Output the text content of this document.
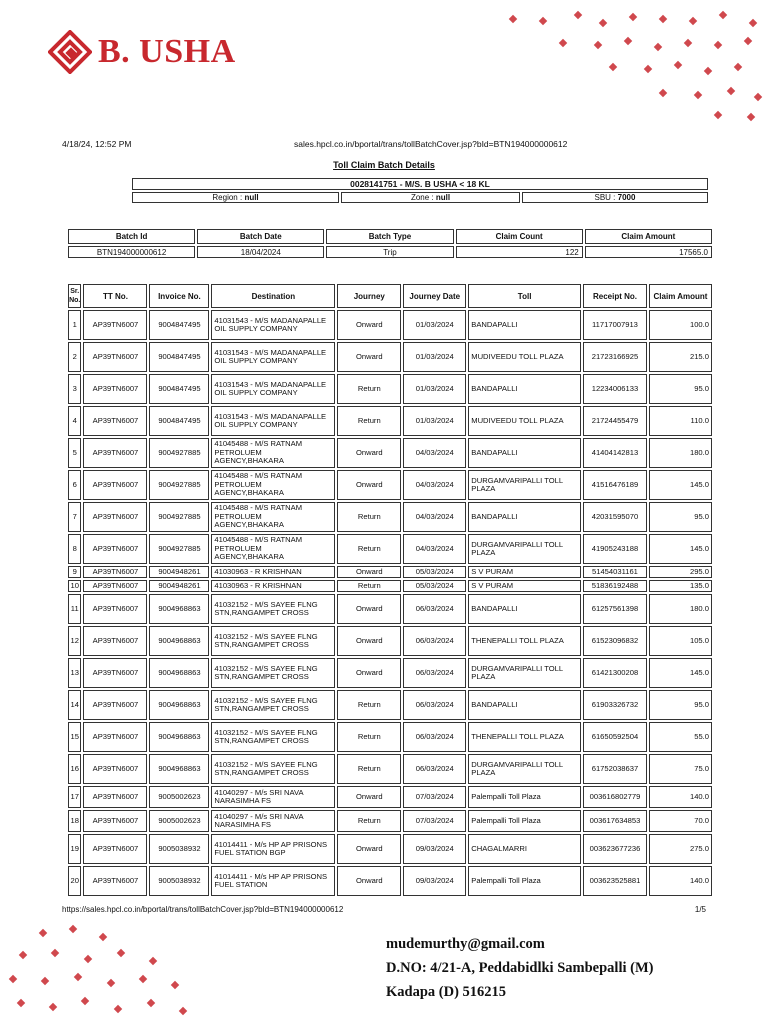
B. USHA
4/18/24, 12:52 PM	sales.hpcl.co.in/bportal/trans/tollBatchCover.jsp?bId=BTN194000000612
Toll Claim Batch Details
0028141751 - M/S. B USHA < 18 KL
Region : null	Zone : null	SBU : 7000
Batch Id	Batch Date	Batch Type	Claim Count	Claim Amount
BTN194000000612	18/04/2024	Trip	122	17565.0
Sr. No.	TT No.	Invoice No.	Destination	Journey	Journey Date	Toll	Receipt No.	Claim Amount
1	AP39TN6007	9004847495	41031543 - M/S MADANAPALLE OIL SUPPLY COMPANY	Onward	01/03/2024	BANDAPALLI	11717007913	100.0
2	AP39TN6007	9004847495	41031543 - M/S MADANAPALLE OIL SUPPLY COMPANY	Onward	01/03/2024	MUDIVEEDU TOLL PLAZA	21723166925	215.0
3	AP39TN6007	9004847495	41031543 - M/S MADANAPALLE OIL SUPPLY COMPANY	Return	01/03/2024	BANDAPALLI	12234006133	95.0
4	AP39TN6007	9004847495	41031543 - M/S MADANAPALLE OIL SUPPLY COMPANY	Return	01/03/2024	MUDIVEEDU TOLL PLAZA	21724455479	110.0
5	AP39TN6007	9004927885	41045488 - M/S RATNAM PETROLUEM AGENCY,BHAKARA	Onward	04/03/2024	BANDAPALLI	41404142813	180.0
6	AP39TN6007	9004927885	41045488 - M/S RATNAM PETROLUEM AGENCY,BHAKARA	Onward	04/03/2024	DURGAMVARIPALLI TOLL PLAZA	41516476189	145.0
7	AP39TN6007	9004927885	41045488 - M/S RATNAM PETROLUEM AGENCY,BHAKARA	Return	04/03/2024	BANDAPALLI	42031595070	95.0
8	AP39TN6007	9004927885	41045488 - M/S RATNAM PETROLUEM AGENCY,BHAKARA	Return	04/03/2024	DURGAMVARIPALLI TOLL PLAZA	41905243188	145.0
9	AP39TN6007	9004948261	41030963 - R KRISHNAN	Onward	05/03/2024	S V PURAM	51454031161	295.0
10	AP39TN6007	9004948261	41030963 - R KRISHNAN	Return	05/03/2024	S V PURAM	51836192488	135.0
11	AP39TN6007	9004968863	41032152 - M/S SAYEE FLNG STN,RANGAMPET CROSS	Onward	06/03/2024	BANDAPALLI	61257561398	180.0
12	AP39TN6007	9004968863	41032152 - M/S SAYEE FLNG STN,RANGAMPET CROSS	Onward	06/03/2024	THENEPALLI TOLL PLAZA	61523096832	105.0
13	AP39TN6007	9004968863	41032152 - M/S SAYEE FLNG STN,RANGAMPET CROSS	Onward	06/03/2024	DURGAMVARIPALLI TOLL PLAZA	61421300208	145.0
14	AP39TN6007	9004968863	41032152 - M/S SAYEE FLNG STN,RANGAMPET CROSS	Return	06/03/2024	BANDAPALLI	61903326732	95.0
15	AP39TN6007	9004968863	41032152 - M/S SAYEE FLNG STN,RANGAMPET CROSS	Return	06/03/2024	THENEPALLI TOLL PLAZA	61650592504	55.0
16	AP39TN6007	9004968863	41032152 - M/S SAYEE FLNG STN,RANGAMPET CROSS	Return	06/03/2024	DURGAMVARIPALLI TOLL PLAZA	61752038637	75.0
17	AP39TN6007	9005002623	41040297 - M/s SRI NAVA NARASIMHA FS	Onward	07/03/2024	Palempalli Toll Plaza	003616802779	140.0
18	AP39TN6007	9005002623	41040297 - M/s SRI NAVA NARASIMHA FS	Return	07/03/2024	Palempalli Toll Plaza	003617634853	70.0
19	AP39TN6007	9005038932	41014411 - M/s HP AP PRISONS FUEL STATION BGP	Onward	09/03/2024	CHAGALMARRI	003623677236	275.0
20	AP39TN6007	9005038932	41014411 - M/s HP AP PRISONS FUEL STATION	Onward	09/03/2024	Palempalli Toll Plaza	003623525881	140.0
https://sales.hpcl.co.in/bportal/trans/tollBatchCover.jsp?bId=BTN194000000612	1/5
mudemurthy@gmail.com
D.NO: 4/21-A, Peddabidlki Sambepalli (M)
Kadapa (D) 516215
